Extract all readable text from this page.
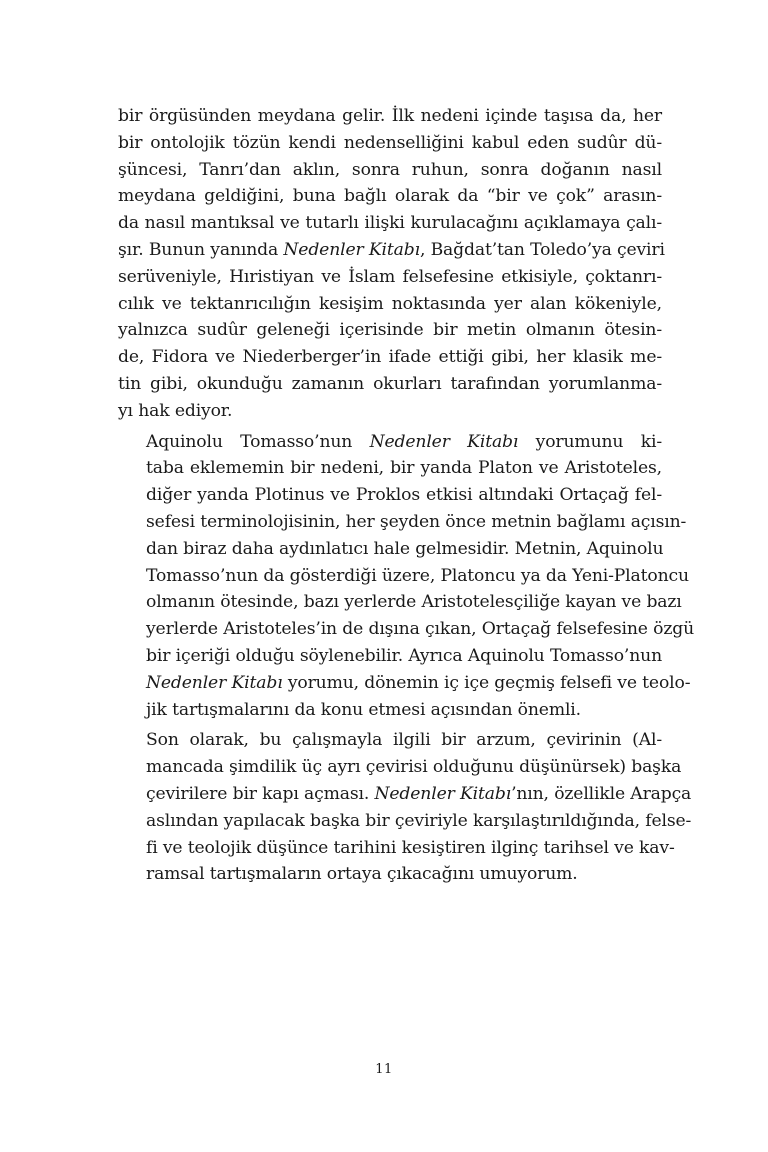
bir örgüsünden meydana gelir. İlk nedeni içinde taşısa da, her
bir ontolojik tözün kendi nedenselliğini kabul eden sudûr dü-
şüncesi, Tanrı’dan aklın, sonra ruhun, sonra doğanın nasıl
meydana geldiğini, buna bağlı olarak da “bir ve çok” arasın-
da nasıl mantıksal ve tutarlı ilişki kurulacağını açıklamaya çalı-
şır. Bunun yanında Nedenler Kitabı, Bağdat’tan Toledo’ya çeviri
serüveniyle, Hıristiyan ve İslam felsefesine etkisiyle, çoktanrı-
cılık ve tektanrıcılığın kesişim noktasında yer alan kökeniyle,
yalnızca sudûr geleneği içerisinde bir metin olmanın ötesin-
de, Fidora ve Niederberger’in ifade ettiği gibi, her klasik me-
tin gibi, okunduğu zamanın okurları tarafından yorumlanma-
yı hak ediyor.

Aquinolu Tomasso’nun Nedenler Kitabı yorumunu ki-
taba eklememin bir nedeni, bir yanda Platon ve Aristoteles,
diğer yanda Plotinus ve Proklos etkisi altındaki Ortaçağ fel-
sefesi terminolojisinin, her şeyden önce metnin bağlamı açısın-
dan biraz daha aydınlatıcı hale gelmesidir. Metnin, Aquinolu
Tomasso’nun da gösterdiği üzere, Platoncu ya da Yeni-Platoncu
olmanın ötesinde, bazı yerlerde Aristotelesçiliğe kayan ve bazı
yerlerde Aristoteles’in de dışına çıkan, Ortaçağ felsefesine özgü
bir içeriği olduğu söylenebilir. Ayrıca Aquinolu Tomasso’nun
Nedenler Kitabı yorumu, dönemin iç içe geçmiş felsefi ve teolo-
jik tartışmalarını da konu etmesi açısından önemli.

Son olarak, bu çalışmayla ilgili bir arzum, çevirinin (Al-
mancada şimdilik üç ayrı çevirisi olduğunu düşünürsek) başka
çevirilere bir kapı açması. Nedenler Kitabı’nın, özellikle Arapça
aslından yapılacak başka bir çeviriyle karşılaştırıldığında, felse-
fi ve teolojik düşünce tarihini kesiştiren ilginç tarihsel ve kav-
ramsal tartışmaların ortaya çıkacağını umuyorum.

11
